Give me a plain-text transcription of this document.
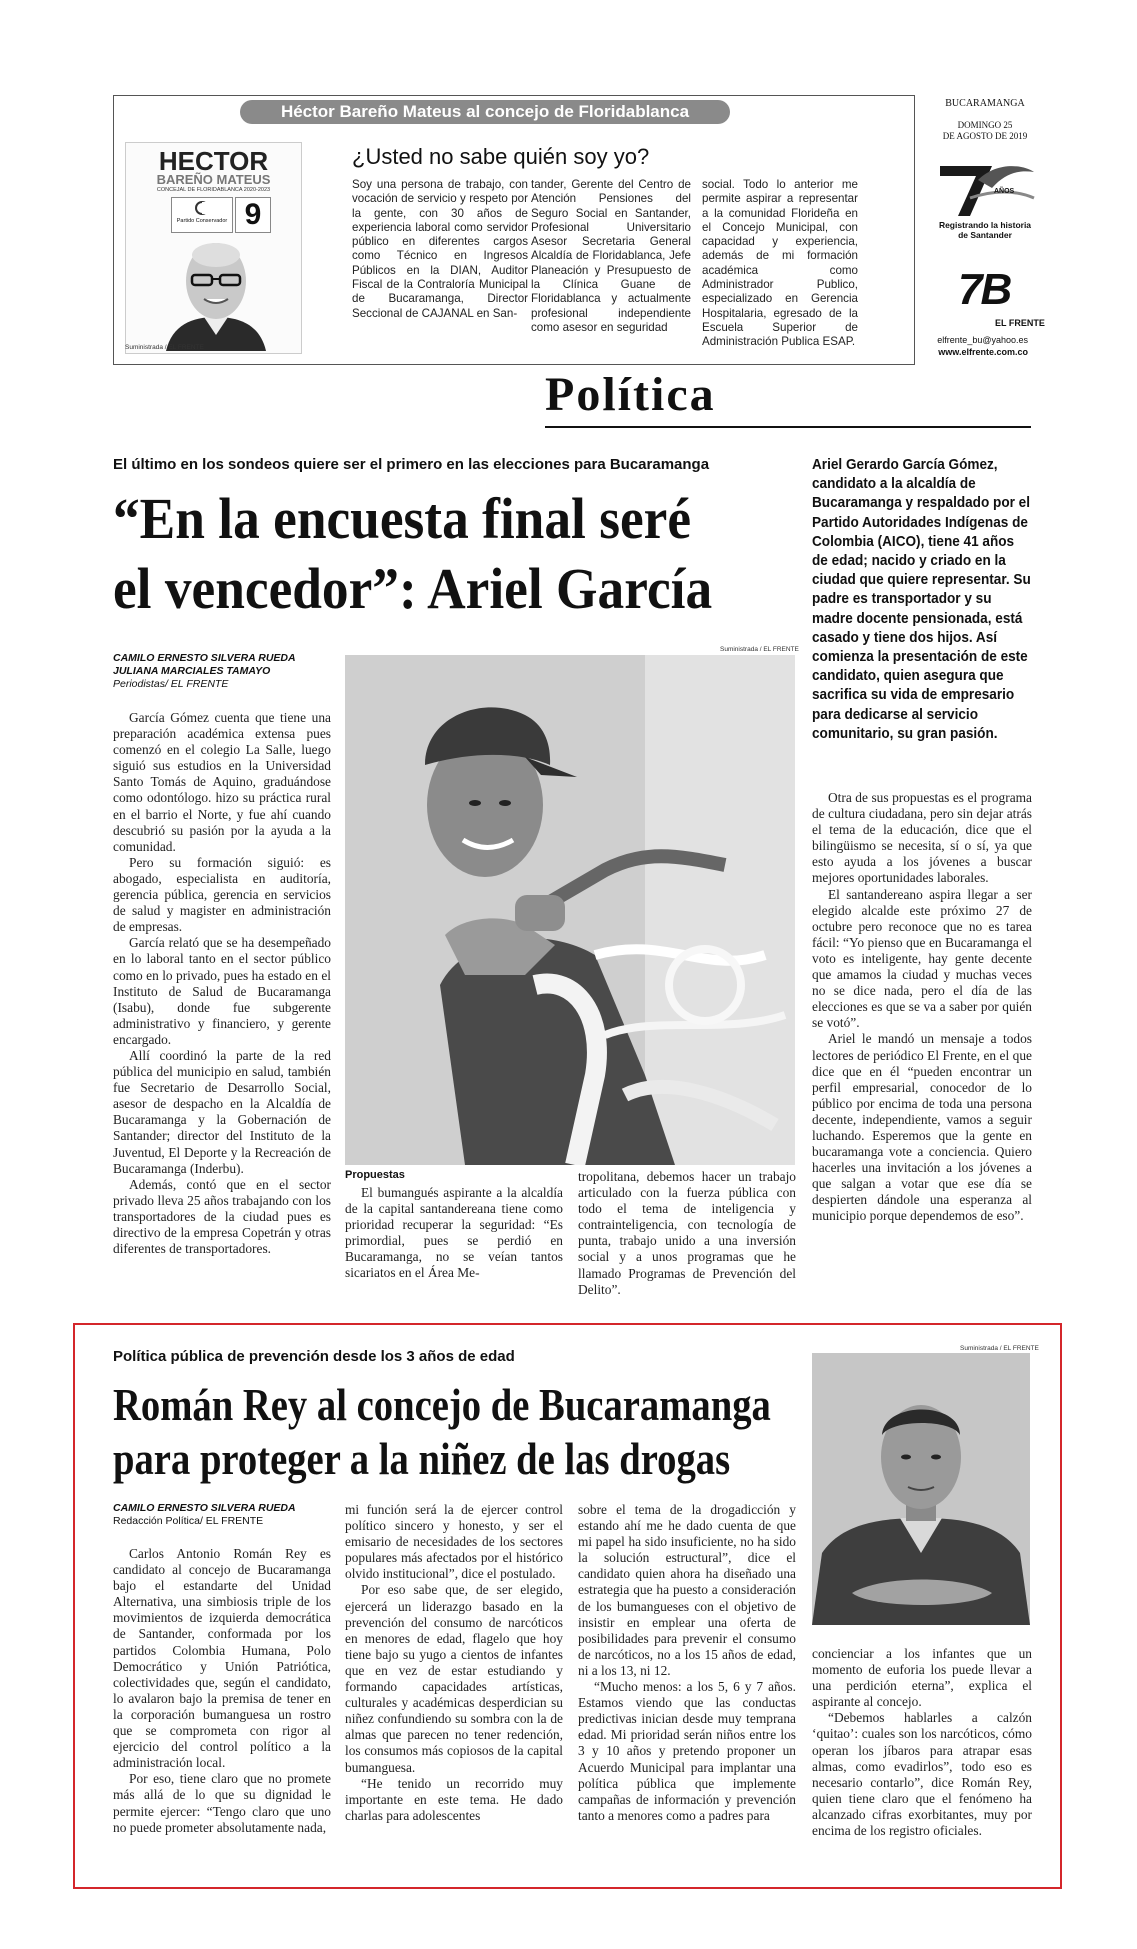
BUCARAMANGA
DOMINGO 25
DE AGOSTO DE 2019
AÑOS
Registrando la historia
de Santander
7B
EL FRENTE
elfrente_bu@yahoo.es
www.elfrente.com.co
Política
Héctor Bareño Mateus al concejo de Floridablanca
HECTOR
BAREÑO MATEUS
CONCEJAL DE FLORIDABLANCA 2020-2023
Partido Conservador 9
Suministrada / EL FRENTE
¿Usted no sabe quién soy yo?
Soy una persona de trabajo, con vocación de servicio y respeto por la gente, con 30 años de experiencia laboral como servidor público en diferentes cargos como Técnico en Ingresos Públicos en la DIAN, Auditor Fiscal de la Contraloría Municipal de Bucaramanga, Director Seccional de CAJANAL en San-
tander, Gerente del Centro de Atención Pensiones del Seguro Social en Santander, Profesional Universitario Asesor Secretaria General Alcaldía de Floridablanca, Jefe Planeación y Presupuesto de la Clínica Guane de Floridablanca y actualmente profesional independiente como asesor en seguridad
social. Todo lo anterior me permite aspirar a representar a la comunidad Florideña en el Concejo Municipal, con capacidad y experiencia, además de mi formación académica como Administrador Publico, especializado en Gerencia Hospitalaria, egresado de la Escuela Superior de Administración Publica ESAP.
El último en los sondeos quiere ser el primero en las elecciones para Bucaramanga
“En la encuesta final seré
el vencedor”: Ariel García
CAMILO ERNESTO SILVERA RUEDA
JULIANA MARCIALES TAMAYO
Periodistas/ EL FRENTE

García Gómez cuenta que tiene una preparación académica extensa pues comenzó en el colegio La Salle, luego siguió sus estudios en la Universidad Santo Tomás de Aquino, graduándose como odontólogo. hizo su práctica rural en el barrio el Norte, y fue ahí cuando descubrió su pasión por la ayuda a la comunidad.

Pero su formación siguió: es abogado, especialista en auditoría, gerencia pública, gerencia en servicios de salud y magister en administración de empresas.

García relató que se ha desempeñado en lo laboral tanto en el sector público como en lo privado, pues ha estado en el Instituto de Salud de Bucaramanga (Isabu), donde fue subgerente administrativo y financiero, y gerente encargado.

Allí coordinó la parte de la red pública del municipio en salud, también fue Secretario de Desarrollo Social, asesor de despacho en la Alcaldía de Bucaramanga y la Gobernación de Santander; director del Instituto de la Juventud, El Deporte y la Recreación de Bucaramanga (Inderbu).

Además, contó que en el sector privado lleva 25 años trabajando con los transportadores de la ciudad pues es directivo de la empresa Copetrán y otras diferentes de transportadores.

Suministrada / EL FRENTE
Propuestas

El bumangués aspirante a la alcaldía de la capital santandereana tiene como prioridad recuperar la seguridad: “Es primordial, pues se perdió en Bucaramanga, no se veían tantos sicariatos en el Área Me-

tropolitana, debemos hacer un trabajo articulado con la fuerza pública con todo el tema de inteligencia y contrainteligencia, con tecnología de punta, trabajo unido a una inversión social y a unos programas que he llamado Programas de Prevención del Delito”.

Ariel Gerardo García Gómez, candidato a la alcaldía de Bucaramanga y respaldado por el Partido Autoridades Indígenas de Colombia (AICO), tiene 41 años de edad; nacido y criado en la ciudad que quiere representar. Su padre es transportador y su madre docente pensionada, está casado y tiene dos hijos. Así comienza la presentación de este candidato, quien asegura que sacrifica su vida de empresario para dedicarse al servicio comunitario, su gran pasión.

Otra de sus propuestas es el programa de cultura ciudadana, pero sin dejar atrás el tema de la educación, dice que el bilingüismo se necesita, sí o sí, ya que esto ayuda a los jóvenes a buscar mejores oportunidades laborales.

El santandereano aspira llegar a ser elegido alcalde este próximo 27 de octubre pero reconoce que no es tarea fácil: “Yo pienso que en Bucaramanga el voto es inteligente, hay gente decente que amamos la ciudad y muchas veces no se dice nada, pero el día de las elecciones es que se va a saber por quién se votó”.

Ariel le mandó un mensaje a todos lectores de periódico El Frente, en el que dice que en él “pueden encontrar un perfil empresarial, conocedor de lo público por encima de toda una persona decente, independiente, vamos a seguir luchando. Esperemos que la gente en bucaramanga vote a conciencia. Quiero hacerles una invitación a los jóvenes a que salgan a votar que ese día se despierten dándole una esperanza al municipio porque dependemos de eso”.

Política pública de prevención desde los 3 años de edad
Román Rey al concejo de Bucaramanga
para proteger a la niñez de las drogas
Suministrada / EL FRENTE
CAMILO ERNESTO SILVERA RUEDA
Redacción Política/ EL FRENTE

Carlos Antonio Román Rey es candidato al concejo de Bucaramanga bajo el estandarte del Unidad Alternativa, una simbiosis triple de los movimientos de izquierda democrática de Santander, conformada por los partidos Colombia Humana, Polo Democrático y Unión Patriótica, colectividades que, según el candidato, lo avalaron bajo la premisa de tener en la corporación bumanguesa un rostro que se comprometa con rigor al ejercicio del control político a la administración local.

Por eso, tiene claro que no promete más allá de lo que su dignidad le permite ejercer: “Tengo claro que uno no puede prometer absolutamente nada,

mi función será la de ejercer control político sincero y honesto, y ser el emisario de necesidades de los sectores populares más afectados por el histórico olvido institucional”, dice el postulado.

Por eso sabe que, de ser elegido, ejercerá un liderazgo basado en la prevención del consumo de narcóticos en menores de edad, flagelo que hoy tiene bajo su yugo a cientos de infantes que en vez de estar estudiando y formando capacidades artísticas, culturales y académicas desperdician su niñez confundiendo su sombra con la de almas que parecen no tener redención, los consumos más copiosos de la capital bumanguesa.

“He tenido un recorrido muy importante en este tema. He dado charlas para adolescentes

sobre el tema de la drogadicción y estando ahí me he dado cuenta de que mi papel ha sido insuficiente, no ha sido la solución estructural”, dice el candidato quien ahora ha diseñado una estrategia que ha puesto a consideración de los bumangueses con el objetivo de insistir en emplear una oferta de posibilidades para prevenir el consumo de narcóticos, no a los 15 años de edad, ni a los 13, ni 12.

“Mucho menos: a los 5, 6 y 7 años. Estamos viendo que las conductas predictivas inician desde muy temprana edad. Mi prioridad serán niños entre los 3 y 10 años y pretendo proponer un Acuerdo Municipal para implantar una política pública que implemente campañas de información y prevención tanto a menores como a padres para

concienciar a los infantes que un momento de euforia los puede llevar a una perdición eterna”, explica el aspirante al concejo.

“Debemos hablarles a calzón ‘quitao’: cuales son los narcóticos, cómo operan los jíbaros para atrapar esas almas, como evadirlos”, todo eso es necesario contarlo”, dice Román Rey, quien tiene claro que el fenómeno ha alcanzado cifras exorbitantes, muy por encima de los registro oficiales.
